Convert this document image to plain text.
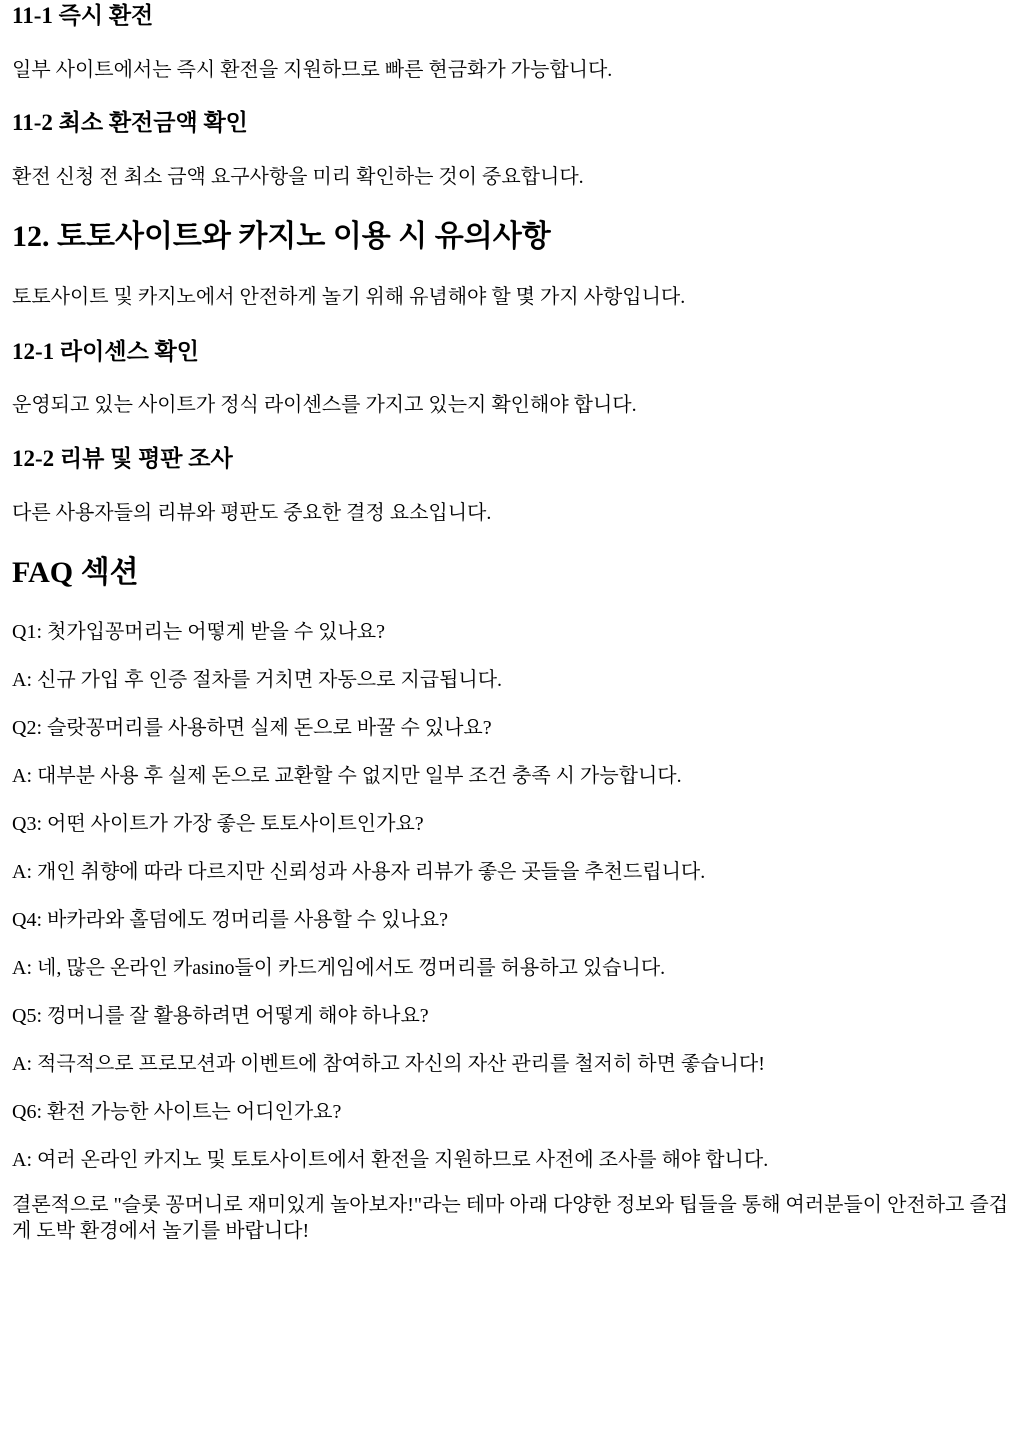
11-1 즉시 환전

일부 사이트에서는 즉시 환전을 지원하므로 빠른 현금화가 가능합니다.

11-2 최소 환전금액 확인

환전 신청 전 최소 금액 요구사항을 미리 확인하는 것이 중요합니다.

12. 토토사이트와 카지노 이용 시 유의사항

토토사이트 및 카지노에서 안전하게 놀기 위해 유념해야 할 몇 가지 사항입니다.

12-1 라이센스 확인

운영되고 있는 사이트가 정식 라이센스를 가지고 있는지 확인해야 합니다.

12-2 리뷰 및 평판 조사

다른 사용자들의 리뷰와 평판도 중요한 결정 요소입니다.

FAQ 섹션

Q1: 첫가입꽁머리는 어떻게 받을 수 있나요?

A: 신규 가입 후 인증 절차를 거치면 자동으로 지급됩니다.

Q2: 슬랏꽁머리를 사용하면 실제 돈으로 바꿀 수 있나요?

A: 대부분 사용 후 실제 돈으로 교환할 수 없지만 일부 조건 충족 시 가능합니다.

Q3: 어떤 사이트가 가장 좋은 토토사이트인가요?

A: 개인 취향에 따라 다르지만 신뢰성과 사용자 리뷰가 좋은 곳들을 추천드립니다.

Q4: 바카라와 홀덤에도 껑머리를 사용할 수 있나요?

A: 네, 많은 온라인 카asino들이 카드게임에서도 껑머리를 허용하고 있습니다.

Q5: 껑머니를 잘 활용하려면 어떻게 해야 하나요?

A: 적극적으로 프로모션과 이벤트에 참여하고 자신의 자산 관리를 철저히 하면 좋습니다!

Q6: 환전 가능한 사이트는 어디인가요?

A: 여러 온라인 카지노 및 토토사이트에서 환전을 지원하므로 사전에 조사를 해야 합니다.

결론적으로 "슬롯 꽁머니로 재미있게 놀아보자!"라는 테마 아래 다양한 정보와 팁들을 통해 여러분들이 안전하고 즐겁게 도박 환경에서 놀기를 바랍니다!
